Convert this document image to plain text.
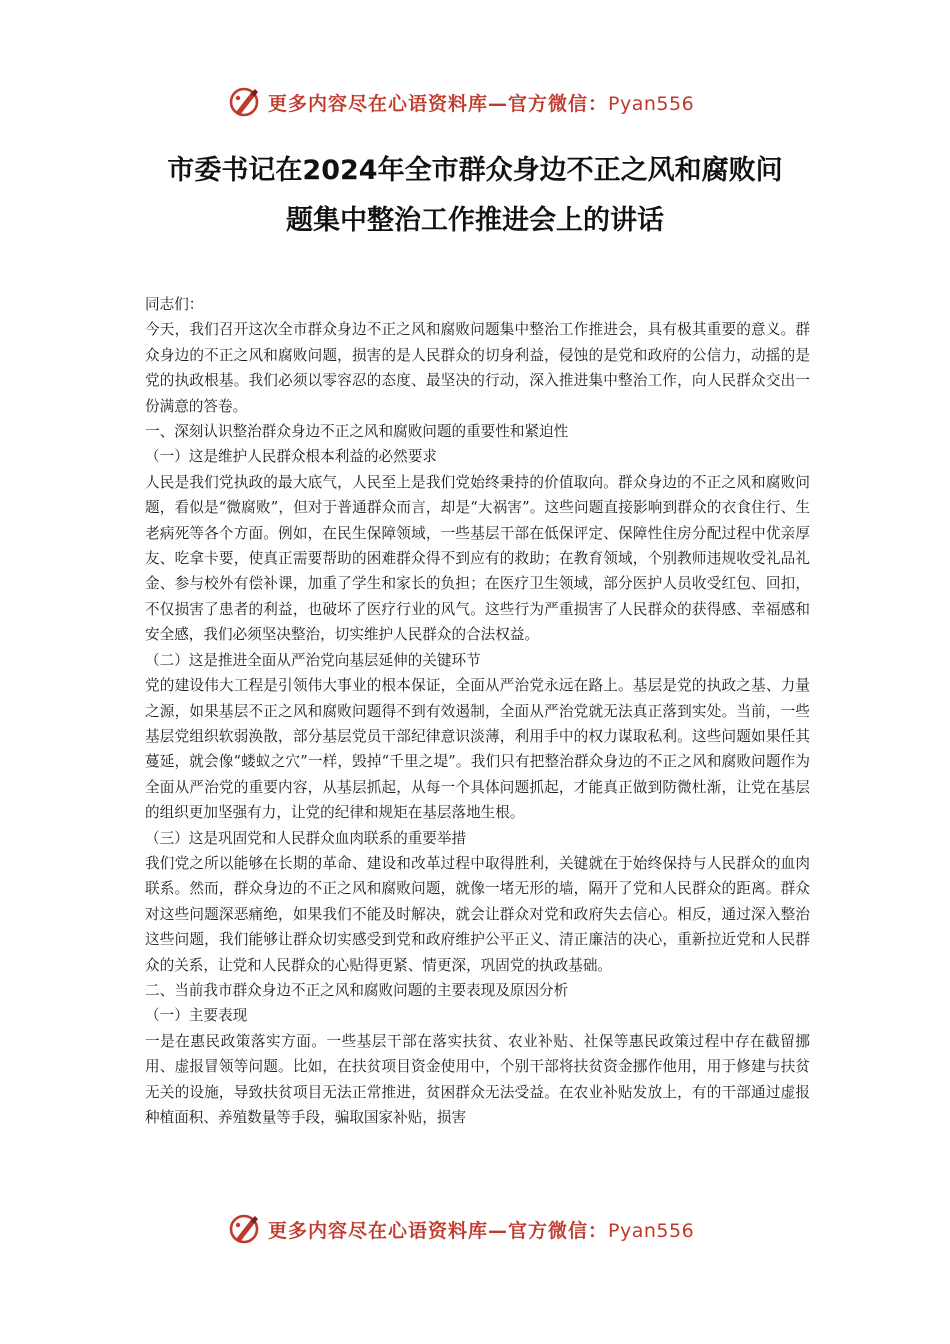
更多内容尽在心语资料库—官方微信：Pyan556
市委书记在2024年全市群众身边不正之风和腐败问
题集中整治工作推进会上的讲话

同志们：

今天，我们召开这次全市群众身边不正之风和腐败问题集中整治工作推进会，具有极其重要的意义。群众身边的不正之风和腐败问题，损害的是人民群众的切身利益，侵蚀的是党和政府的公信力，动摇的是党的执政根基。我们必须以零容忍的态度、最坚决的行动，深入推进集中整治工作，向人民群众交出一份满意的答卷。

一、深刻认识整治群众身边不正之风和腐败问题的重要性和紧迫性

（一）这是维护人民群众根本利益的必然要求

人民是我们党执政的最大底气，人民至上是我们党始终秉持的价值取向。群众身边的不正之风和腐败问题，看似是“微腐败”，但对于普通群众而言，却是“大祸害”。这些问题直接影响到群众的衣食住行、生老病死等各个方面。例如，在民生保障领域，一些基层干部在低保评定、保障性住房分配过程中优亲厚友、吃拿卡要，使真正需要帮助的困难群众得不到应有的救助；在教育领域，个别教师违规收受礼品礼金、参与校外有偿补课，加重了学生和家长的负担；在医疗卫生领域，部分医护人员收受红包、回扣，不仅损害了患者的利益，也破坏了医疗行业的风气。这些行为严重损害了人民群众的获得感、幸福感和安全感，我们必须坚决整治，切实维护人民群众的合法权益。

（二）这是推进全面从严治党向基层延伸的关键环节

党的建设伟大工程是引领伟大事业的根本保证，全面从严治党永远在路上。基层是党的执政之基、力量之源，如果基层不正之风和腐败问题得不到有效遏制，全面从严治党就无法真正落到实处。当前，一些基层党组织软弱涣散，部分基层党员干部纪律意识淡薄，利用手中的权力谋取私利。这些问题如果任其蔓延，就会像“蝼蚁之穴”一样，毁掉“千里之堤”。我们只有把整治群众身边的不正之风和腐败问题作为全面从严治党的重要内容，从基层抓起，从每一个具体问题抓起，才能真正做到防微杜渐，让党在基层的组织更加坚强有力，让党的纪律和规矩在基层落地生根。

（三）这是巩固党和人民群众血肉联系的重要举措

我们党之所以能够在长期的革命、建设和改革过程中取得胜利，关键就在于始终保持与人民群众的血肉联系。然而，群众身边的不正之风和腐败问题，就像一堵无形的墙，隔开了党和人民群众的距离。群众对这些问题深恶痛绝，如果我们不能及时解决，就会让群众对党和政府失去信心。相反，通过深入整治这些问题，我们能够让群众切实感受到党和政府维护公平正义、清正廉洁的决心，重新拉近党和人民群众的关系，让党和人民群众的心贴得更紧、情更深，巩固党的执政基础。

二、当前我市群众身边不正之风和腐败问题的主要表现及原因分析

（一）主要表现

一是在惠民政策落实方面。一些基层干部在落实扶贫、农业补贴、社保等惠民政策过程中存在截留挪用、虚报冒领等问题。比如，在扶贫项目资金使用中，个别干部将扶贫资金挪作他用，用于修建与扶贫无关的设施，导致扶贫项目无法正常推进，贫困群众无法受益。在农业补贴发放上，有的干部通过虚报种植面积、养殖数量等手段，骗取国家补贴，损害

更多内容尽在心语资料库—官方微信：Pyan556
